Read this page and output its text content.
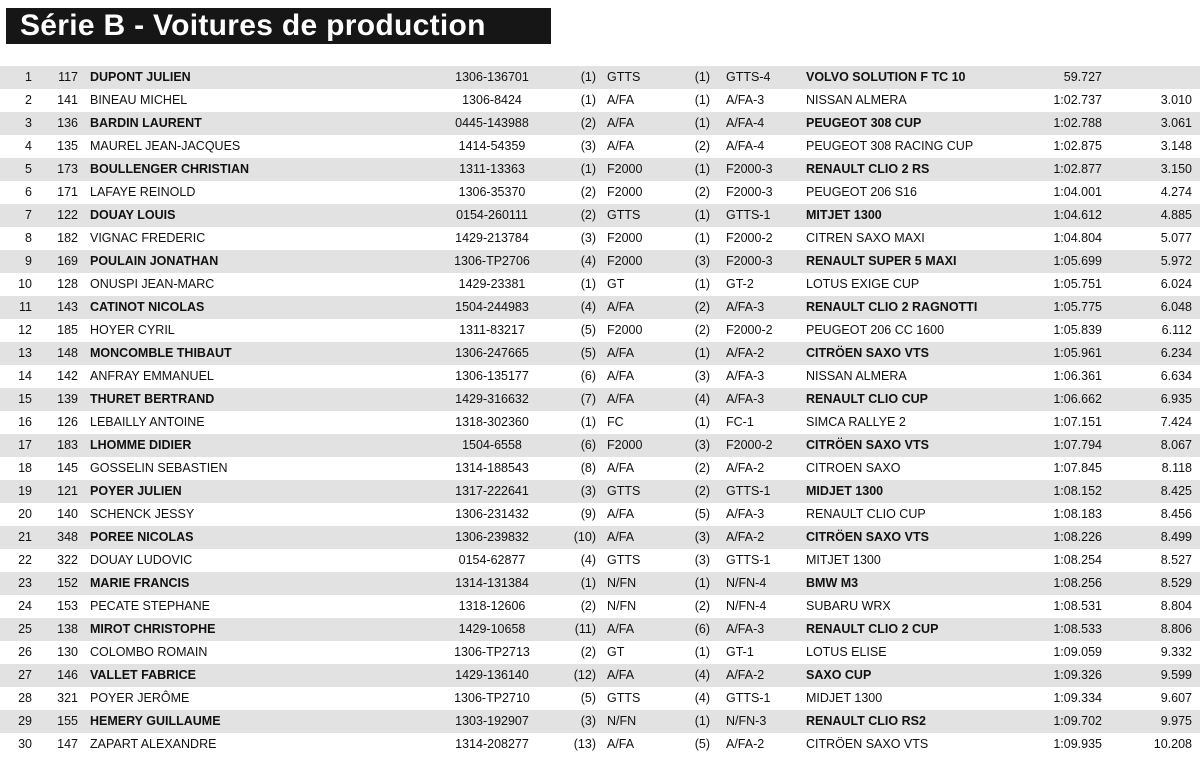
Série B - Voitures de production
1	117 DUPONT JULIEN	1306-136701	(1) GTTS	(1) GTTS-4	VOLVO SOLUTION F TC 10	59.727
2	141 BINEAU MICHEL	1306-8424	(1) A/FA	(1) A/FA-3	NISSAN ALMERA	1:02.737	3.010
3	136 BARDIN LAURENT	0445-143988	(2) A/FA	(1) A/FA-4	PEUGEOT 308 CUP	1:02.788	3.061
4	135 MAUREL JEAN-JACQUES	1414-54359	(3) A/FA	(2) A/FA-4	PEUGEOT 308 RACING CUP	1:02.875	3.148
5	173 BOULLENGER CHRISTIAN	1311-13363	(1) F2000	(1) F2000-3	RENAULT CLIO 2 RS	1:02.877	3.150
6	171 LAFAYE REINOLD	1306-35370	(2) F2000	(2) F2000-3	PEUGEOT 206 S16	1:04.001	4.274
7	122 DOUAY LOUIS	0154-260111	(2) GTTS	(1) GTTS-1	MITJET 1300	1:04.612	4.885
8	182 VIGNAC FREDERIC	1429-213784	(3) F2000	(1) F2000-2	CITREN SAXO MAXI	1:04.804	5.077
9	169 POULAIN JONATHAN	1306-TP2706	(4) F2000	(3) F2000-3	RENAULT SUPER 5 MAXI	1:05.699	5.972
10	128 ONUSPI JEAN-MARC	1429-23381	(1) GT	(1) GT-2	LOTUS EXIGE CUP	1:05.751	6.024
11	143 CATINOT NICOLAS	1504-244983	(4) A/FA	(2) A/FA-3	RENAULT CLIO 2 RAGNOTTI	1:05.775	6.048
12	185 HOYER CYRIL	1311-83217	(5) F2000	(2) F2000-2	PEUGEOT 206 CC 1600	1:05.839	6.112
13	148 MONCOMBLE THIBAUT	1306-247665	(5) A/FA	(1) A/FA-2	CITRÖEN SAXO VTS	1:05.961	6.234
14	142 ANFRAY EMMANUEL	1306-135177	(6) A/FA	(3) A/FA-3	NISSAN ALMERA	1:06.361	6.634
15	139 THURET BERTRAND	1429-316632	(7) A/FA	(4) A/FA-3	RENAULT CLIO CUP	1:06.662	6.935
16	126 LEBAILLY ANTOINE	1318-302360	(1) FC	(1) FC-1	SIMCA RALLYE 2	1:07.151	7.424
17	183 LHOMME DIDIER	1504-6558	(6) F2000	(3) F2000-2	CITRÖEN SAXO VTS	1:07.794	8.067
18	145 GOSSELIN SEBASTIEN	1314-188543	(8) A/FA	(2) A/FA-2	CITROEN SAXO	1:07.845	8.118
19	121 POYER JULIEN	1317-222641	(3) GTTS	(2) GTTS-1	MIDJET 1300	1:08.152	8.425
20	140 SCHENCK JESSY	1306-231432	(9) A/FA	(5) A/FA-3	RENAULT CLIO CUP	1:08.183	8.456
21	348 POREE NICOLAS	1306-239832	(10) A/FA	(3) A/FA-2	CITRÖEN SAXO VTS	1:08.226	8.499
22	322 DOUAY LUDOVIC	0154-62877	(4) GTTS	(3) GTTS-1	MITJET 1300	1:08.254	8.527
23	152 MARIE FRANCIS	1314-131384	(1) N/FN	(1) N/FN-4	BMW M3	1:08.256	8.529
24	153 PECATE STEPHANE	1318-12606	(2) N/FN	(2) N/FN-4	SUBARU WRX	1:08.531	8.804
25	138 MIROT CHRISTOPHE	1429-10658	(11) A/FA	(6) A/FA-3	RENAULT CLIO 2 CUP	1:08.533	8.806
26	130 COLOMBO ROMAIN	1306-TP2713	(2) GT	(1) GT-1	LOTUS ELISE	1:09.059	9.332
27	146 VALLET FABRICE	1429-136140	(12) A/FA	(4) A/FA-2	SAXO CUP	1:09.326	9.599
28	321 POYER JERÔME	1306-TP2710	(5) GTTS	(4) GTTS-1	MIDJET 1300	1:09.334	9.607
29	155 HEMERY GUILLAUME	1303-192907	(3) N/FN	(1) N/FN-3	RENAULT CLIO RS2	1:09.702	9.975
30	147 ZAPART ALEXANDRE	1314-208277	(13) A/FA	(5) A/FA-2	CITRÖEN SAXO VTS	1:09.935	10.208
